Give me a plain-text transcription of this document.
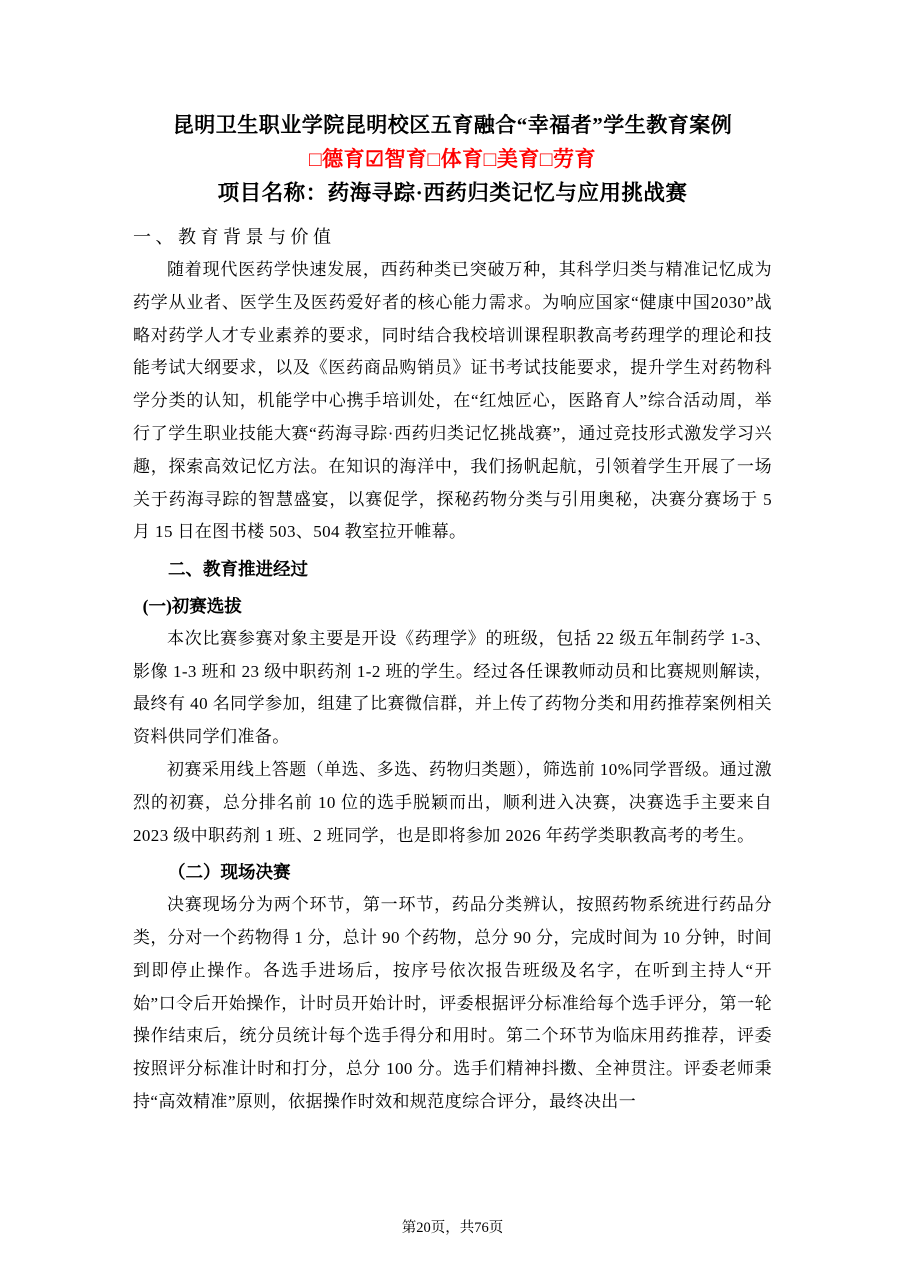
昆明卫生职业学院昆明校区五育融合“幸福者”学生教育案例
□德育☑智育□体育□美育□劳育
项目名称：药海寻踪·西药归类记忆与应用挑战赛
一、教育背景与价值

随着现代医药学快速发展，西药种类已突破万种，其科学归类与精准记忆成为药学从业者、医学生及医药爱好者的核心能力需求。为响应国家“健康中国2030”战略对药学人才专业素养的要求，同时结合我校培训课程职教高考药理学的理论和技能考试大纲要求，以及《医药商品购销员》证书考试技能要求，提升学生对药物科学分类的认知，机能学中心携手培训处，在“红烛匠心，医路育人”综合活动周，举行了学生职业技能大赛“药海寻踪·西药归类记忆挑战赛”，通过竞技形式激发学习兴趣，探索高效记忆方法。在知识的海洋中，我们扬帆起航，引领着学生开展了一场关于药海寻踪的智慧盛宴，以赛促学，探秘药物分类与引用奥秘，决赛分赛场于 5 月 15 日在图书楼 503、504 教室拉开帷幕。

二、教育推进经过
(一)初赛选拔

本次比赛参赛对象主要是开设《药理学》的班级，包括 22 级五年制药学 1-3、影像 1-3 班和 23 级中职药剂 1-2 班的学生。经过各任课教师动员和比赛规则解读，最终有 40 名同学参加，组建了比赛微信群，并上传了药物分类和用药推荐案例相关资料供同学们准备。

初赛采用线上答题（单选、多选、药物归类题），筛选前 10%同学晋级。通过激烈的初赛，总分排名前 10 位的选手脱颖而出，顺利进入决赛，决赛选手主要来自 2023 级中职药剂 1 班、2 班同学，也是即将参加 2026 年药学类职教高考的考生。

（二）现场决赛

决赛现场分为两个环节，第一环节，药品分类辨认，按照药物系统进行药品分类，分对一个药物得 1 分，总计 90 个药物，总分 90 分，完成时间为 10 分钟，时间到即停止操作。各选手进场后，按序号依次报告班级及名字，在听到主持人“开始”口令后开始操作，计时员开始计时，评委根据评分标准给每个选手评分，第一轮操作结束后，统分员统计每个选手得分和用时。第二个环节为临床用药推荐，评委按照评分标准计时和打分，总分 100 分。选手们精神抖擞、全神贯注。评委老师秉持“高效精准”原则，依据操作时效和规范度综合评分，最终决出一

第20页，共76页
